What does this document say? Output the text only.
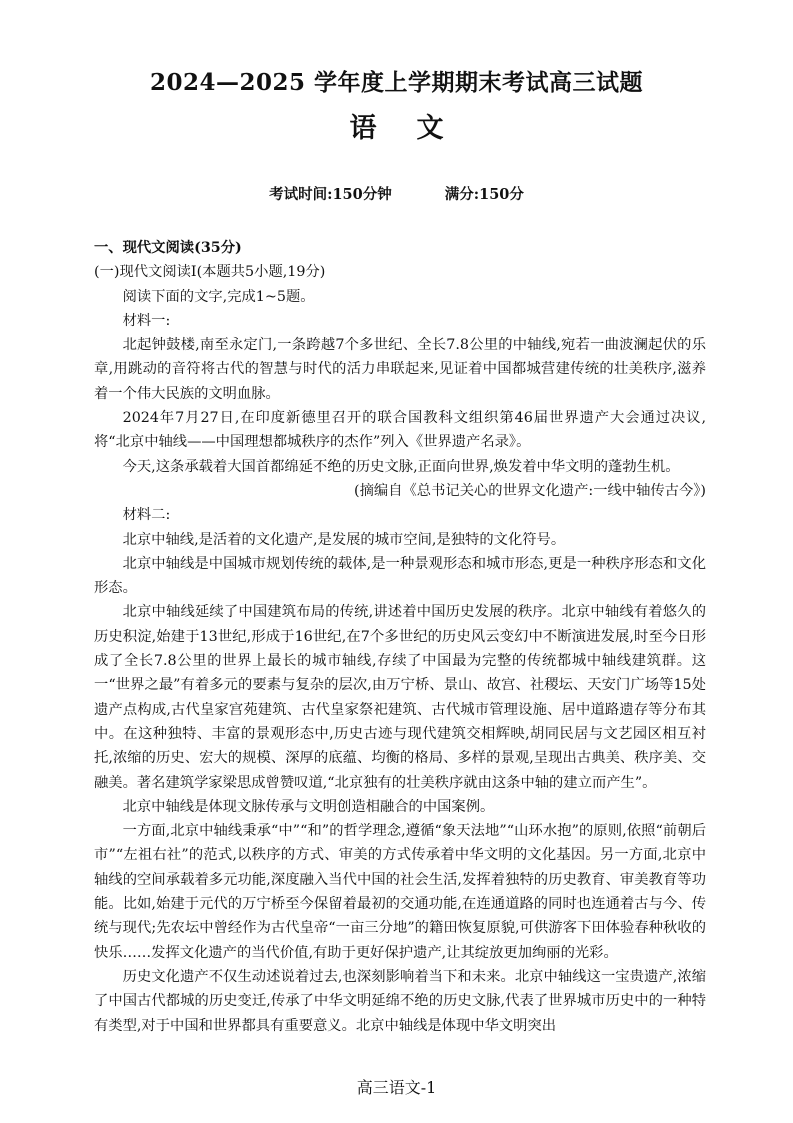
2024—2025 学年度上学期期末考试高三试题
语文
考试时间:150分钟	满分:150分

一、现代文阅读(35分)

(一)现代文阅读Ⅰ(本题共5小题,19分)

阅读下面的文字,完成1~5题。

材料一:

北起钟鼓楼,南至永定门,一条跨越7个多世纪、全长7.8公里的中轴线,宛若一曲波澜起伏的乐章,用跳动的音符将古代的智慧与时代的活力串联起来,见证着中国都城营建传统的壮美秩序,滋养着一个伟大民族的文明血脉。

2024年7月27日,在印度新德里召开的联合国教科文组织第46届世界遗产大会通过决议,将“北京中轴线——中国理想都城秩序的杰作”列入《世界遗产名录》。

今天,这条承载着大国首都绵延不绝的历史文脉,正面向世界,焕发着中华文明的蓬勃生机。

(摘编自《总书记关心的世界文化遗产:一线中轴传古今》)

材料二:

北京中轴线,是活着的文化遗产,是发展的城市空间,是独特的文化符号。

北京中轴线是中国城市规划传统的载体,是一种景观形态和城市形态,更是一种秩序形态和文化形态。

北京中轴线延续了中国建筑布局的传统,讲述着中国历史发展的秩序。北京中轴线有着悠久的历史积淀,始建于13世纪,形成于16世纪,在7个多世纪的历史风云变幻中不断演进发展,时至今日形成了全长7.8公里的世界上最长的城市轴线,存续了中国最为完整的传统都城中轴线建筑群。这一“世界之最”有着多元的要素与复杂的层次,由万宁桥、景山、故宫、社稷坛、天安门广场等15处遗产点构成,古代皇家宫苑建筑、古代皇家祭祀建筑、古代城市管理设施、居中道路遗存等分布其中。在这种独特、丰富的景观形态中,历史古迹与现代建筑交相辉映,胡同民居与文艺园区相互衬托,浓缩的历史、宏大的规模、深厚的底蕴、均衡的格局、多样的景观,呈现出古典美、秩序美、交融美。著名建筑学家梁思成曾赞叹道,“北京独有的壮美秩序就由这条中轴的建立而产生”。

北京中轴线是体现文脉传承与文明创造相融合的中国案例。

一方面,北京中轴线秉承“中”“和”的哲学理念,遵循“象天法地”“山环水抱”的原则,依照“前朝后市”“左祖右社”的范式,以秩序的方式、审美的方式传承着中华文明的文化基因。另一方面,北京中轴线的空间承载着多元功能,深度融入当代中国的社会生活,发挥着独特的历史教育、审美教育等功能。比如,始建于元代的万宁桥至今保留着最初的交通功能,在连通道路的同时也连通着古与今、传统与现代;先农坛中曾经作为古代皇帝“一亩三分地”的籍田恢复原貌,可供游客下田体验春种秋收的快乐……发挥文化遗产的当代价值,有助于更好保护遗产,让其绽放更加绚丽的光彩。

历史文化遗产不仅生动述说着过去,也深刻影响着当下和未来。北京中轴线这一宝贵遗产,浓缩了中国古代都城的历史变迁,传承了中华文明延绵不绝的历史文脉,代表了世界城市历史中的一种特有类型,对于中国和世界都具有重要意义。北京中轴线是体现中华文明突出

高三语文-1
